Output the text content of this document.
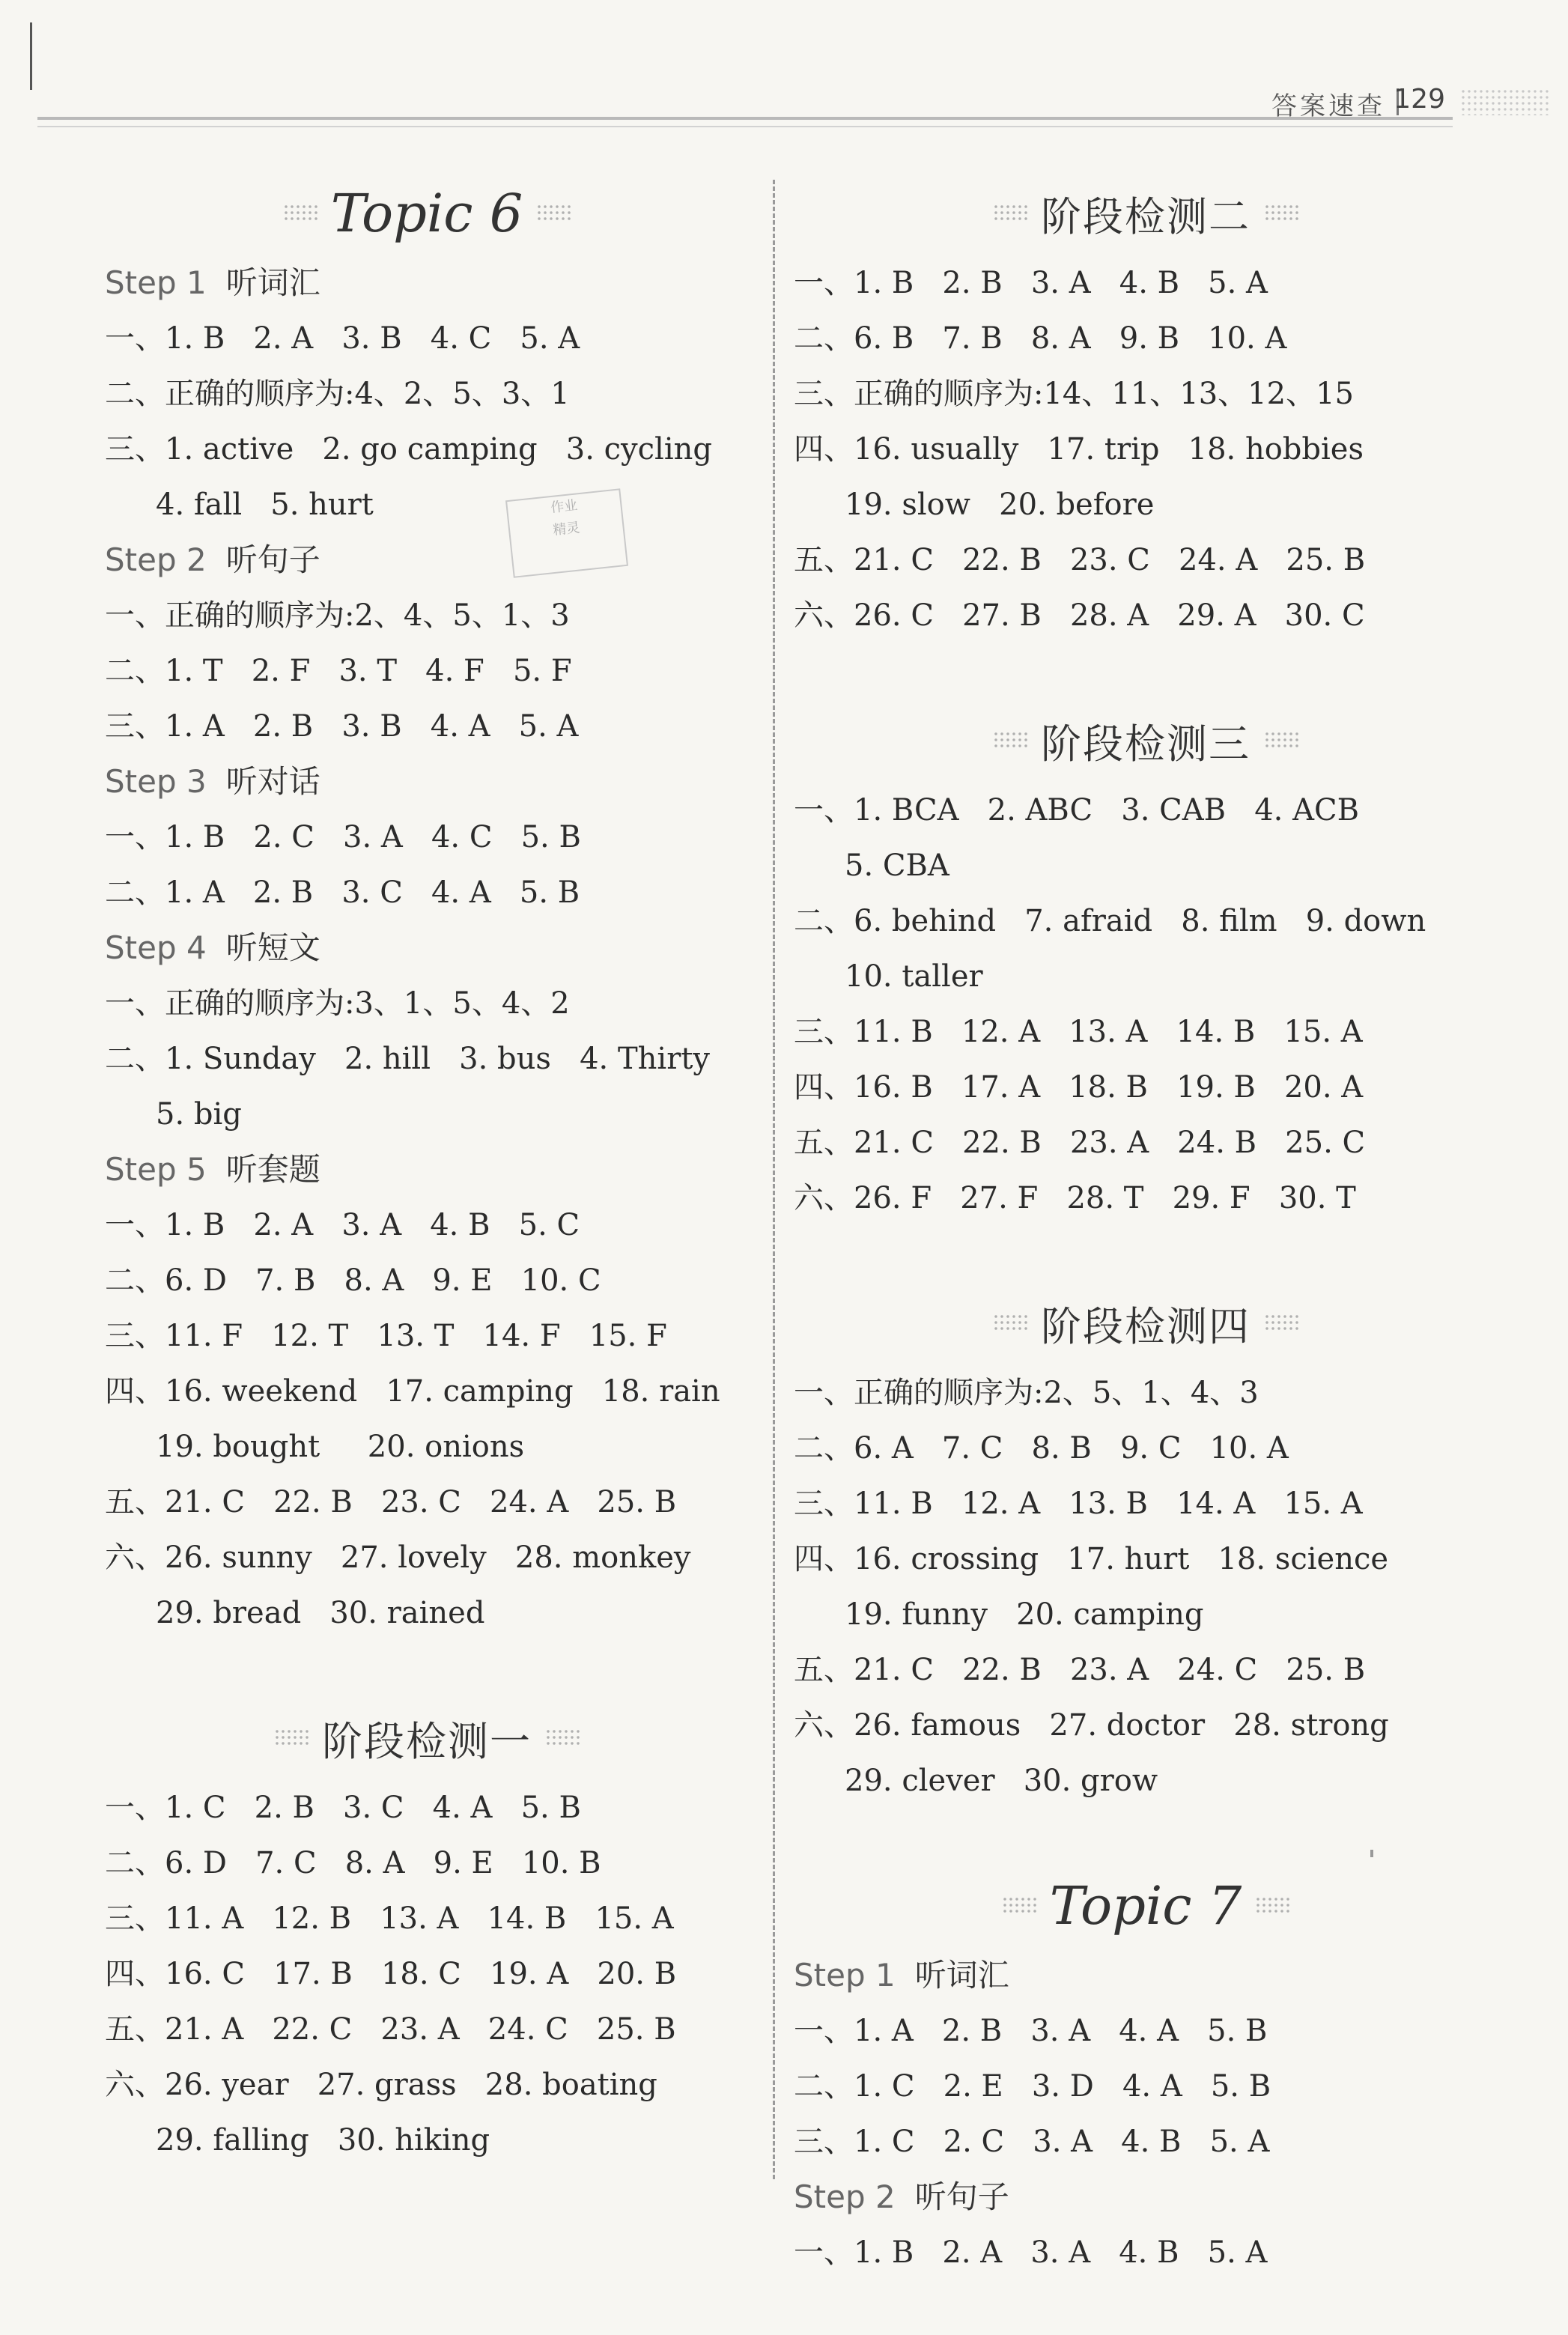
答案速查 129
Topic 6
Step 1 听词汇
一、1. B   2. A   3. B   4. C   5. A
二、正确的顺序为:4、2、5、3、1
三、1. active   2. go camping   3. cycling
4. fall   5. hurt
Step 2 听句子
一、正确的顺序为:2、4、5、1、3
二、1. T   2. F   3. T   4. F   5. F
三、1. A   2. B   3. B   4. A   5. A
Step 3 听对话
一、1. B   2. C   3. A   4. C   5. B
二、1. A   2. B   3. C   4. A   5. B
Step 4 听短文
一、正确的顺序为:3、1、5、4、2
二、1. Sunday   2. hill   3. bus   4. Thirty
5. big
Step 5 听套题
一、1. B   2. A   3. A   4. B   5. C
二、6. D   7. B   8. A   9. E   10. C
三、11. F   12. T   13. T   14. F   15. F
四、16. weekend   17. camping   18. rain
19. bought     20. onions
五、21. C   22. B   23. C   24. A   25. B
六、26. sunny   27. lovely   28. monkey
29. bread   30. rained
阶段检测一
一、1. C   2. B   3. C   4. A   5. B
二、6. D   7. C   8. A   9. E   10. B
三、11. A   12. B   13. A   14. B   15. A
四、16. C   17. B   18. C   19. A   20. B
五、21. A   22. C   23. A   24. C   25. B
六、26. year   27. grass   28. boating
29. falling   30. hiking
作业
精灵
阶段检测二
一、1. B   2. B   3. A   4. B   5. A
二、6. B   7. B   8. A   9. B   10. A
三、正确的顺序为:14、11、13、12、15
四、16. usually   17. trip   18. hobbies
19. slow   20. before
五、21. C   22. B   23. C   24. A   25. B
六、26. C   27. B   28. A   29. A   30. C
阶段检测三
一、1. BCA   2. ABC   3. CAB   4. ACB
5. CBA
二、6. behind   7. afraid   8. film   9. down
10. taller
三、11. B   12. A   13. A   14. B   15. A
四、16. B   17. A   18. B   19. B   20. A
五、21. C   22. B   23. A   24. B   25. C
六、26. F   27. F   28. T   29. F   30. T
阶段检测四
一、正确的顺序为:2、5、1、4、3
二、6. A   7. C   8. B   9. C   10. A
三、11. B   12. A   13. B   14. A   15. A
四、16. crossing   17. hurt   18. science
19. funny   20. camping
五、21. C   22. B   23. A   24. C   25. B
六、26. famous   27. doctor   28. strong
29. clever   30. grow
Topic 7
Step 1 听词汇
一、1. A   2. B   3. A   4. A   5. B
二、1. C   2. E   3. D   4. A   5. B
三、1. C   2. C   3. A   4. B   5. A
Step 2 听句子
一、1. B   2. A   3. A   4. B   5. A
